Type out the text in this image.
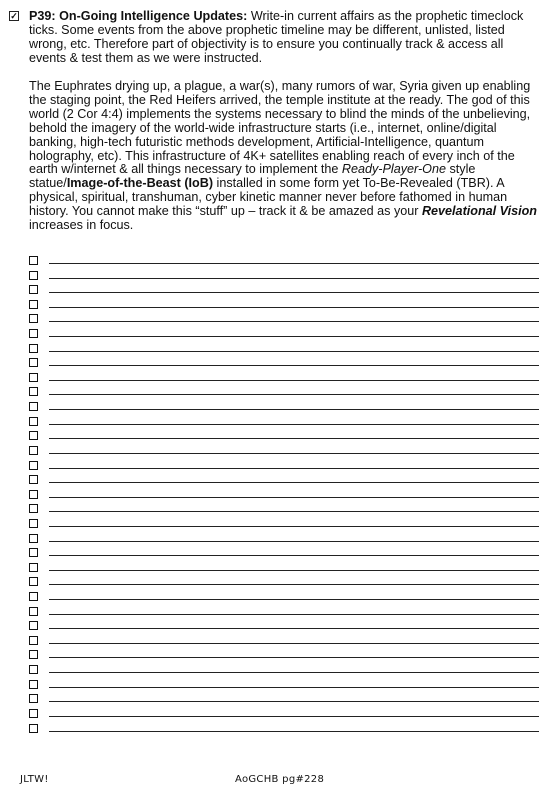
✓ P39: On-Going Intelligence Updates: Write-in current affairs as the prophetic timeclock ticks. Some events from the above prophetic timeline may be different, unlisted, listed wrong, etc. Therefore part of objectivity is to ensure you continually track & access all events & test them as we were instructed.
The Euphrates drying up, a plague, a war(s), many rumors of war, Syria given up enabling the staging point, the Red Heifers arrived, the temple institute at the ready. The god of this world (2 Cor 4:4) implements the systems necessary to blind the minds of the unbelieving, behold the imagery of the world-wide infrastructure starts (i.e., internet, online/digital banking, high-tech futuristic methods development, Artificial-Intelligence, quantum holography, etc). This infrastructure of 4K+ satellites enabling reach of every inch of the earth w/internet & all things necessary to implement the Ready-Player-One style statue/Image-of-the-Beast (IoB) installed in some form yet To-Be-Revealed (TBR). A physical, spiritual, transhuman, cyber kinetic manner never before fathomed in human history. You cannot make this “stuff” up – track it & be amazed as your Revelational Vision increases in focus.
JLTW!	AoGCHB pg#228
